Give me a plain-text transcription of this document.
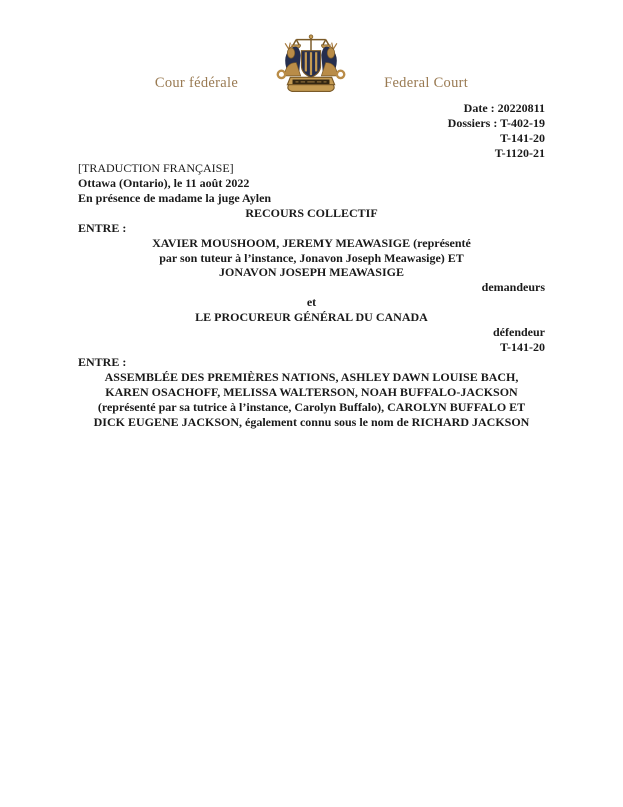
Cour fédérale	Federal Court
Date : 20220811
Dossiers : T-402-19
T-141-20
T-1120-21

[TRADUCTION FRANÇAISE]

Ottawa (Ontario), le 11 août 2022

En présence de madame la juge Aylen

RECOURS COLLECTIF

ENTRE :

XAVIER MOUSHOOM, JEREMY MEAWASIGE (représenté
par son tuteur à l’instance, Jonavon Joseph Meawasige) ET
JONAVON JOSEPH MEAWASIGE

demandeurs

et

LE PROCUREUR GÉNÉRAL DU CANADA

défendeur

T-141-20

ENTRE :

ASSEMBLÉE DES PREMIÈRES NATIONS, ASHLEY DAWN LOUISE BACH,
KAREN OSACHOFF, MELISSA WALTERSON, NOAH BUFFALO-JACKSON
(représenté par sa tutrice à l’instance, Carolyn Buffalo), CAROLYN BUFFALO ET
DICK EUGENE JACKSON, également connu sous le nom de RICHARD JACKSON
